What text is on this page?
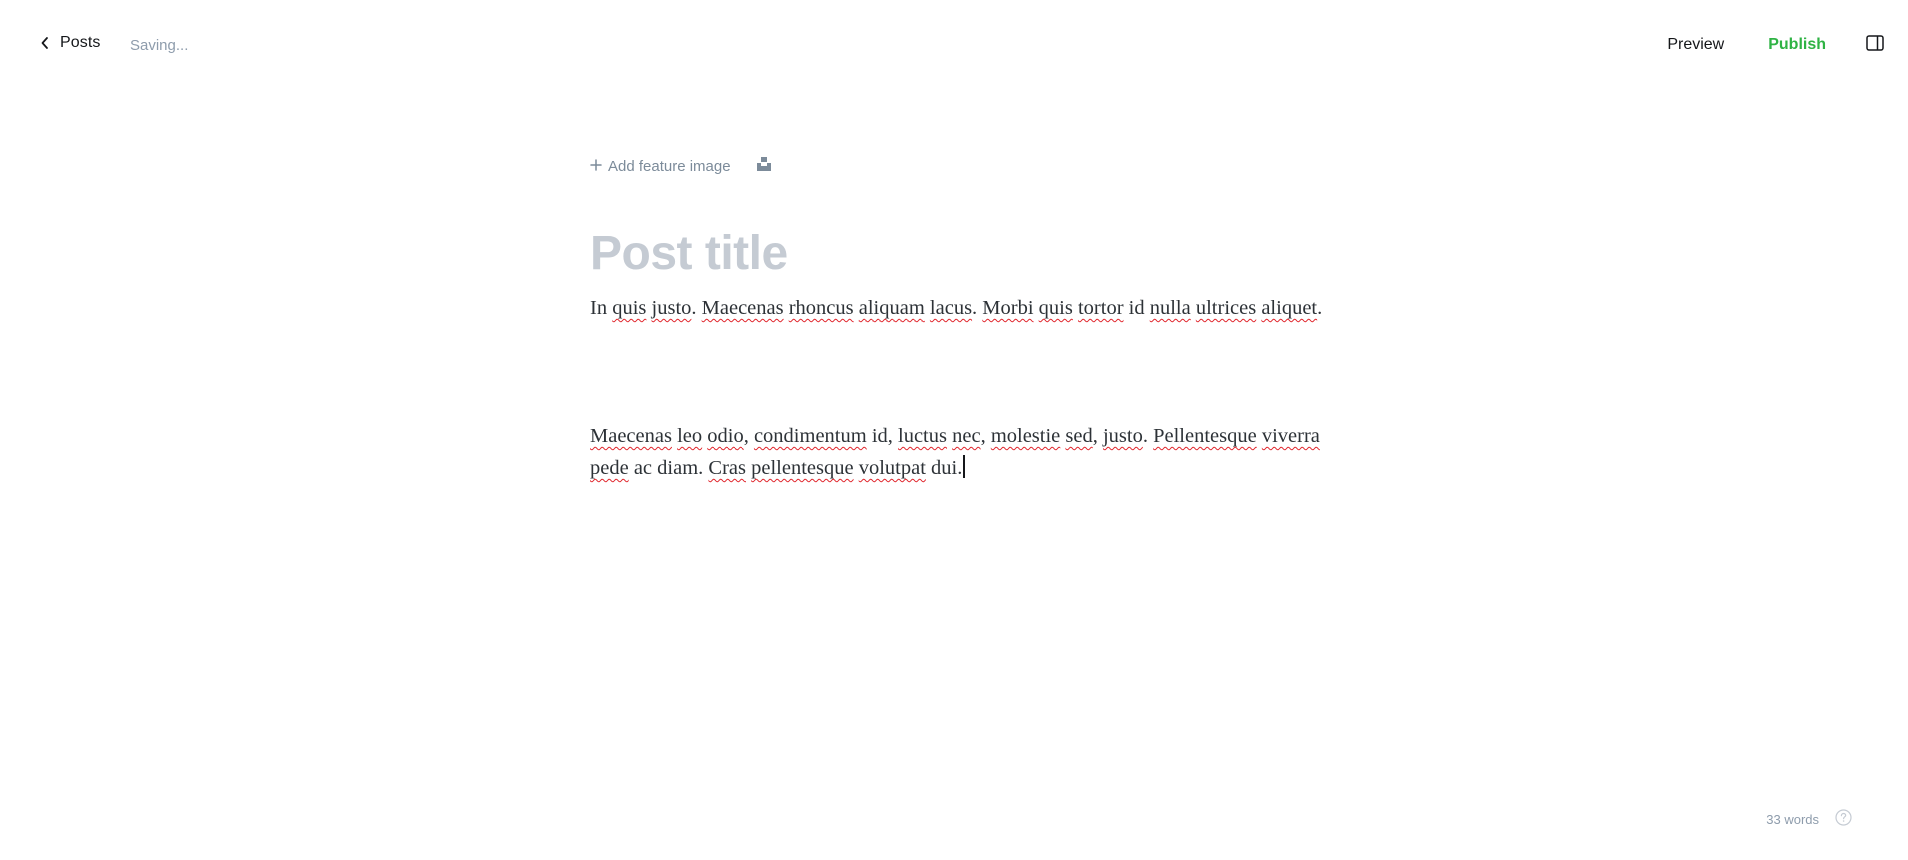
Posts Saving...	Preview	Publish
Add feature image
Post title

In quis justo. Maecenas rhoncus aliquam lacus. Morbi quis tortor id nulla ultrices aliquet.

Maecenas leo odio, condimentum id, luctus nec, molestie sed, justo. Pellentesque viverra pede ac diam. Cras pellentesque volutpat dui.

33 words
